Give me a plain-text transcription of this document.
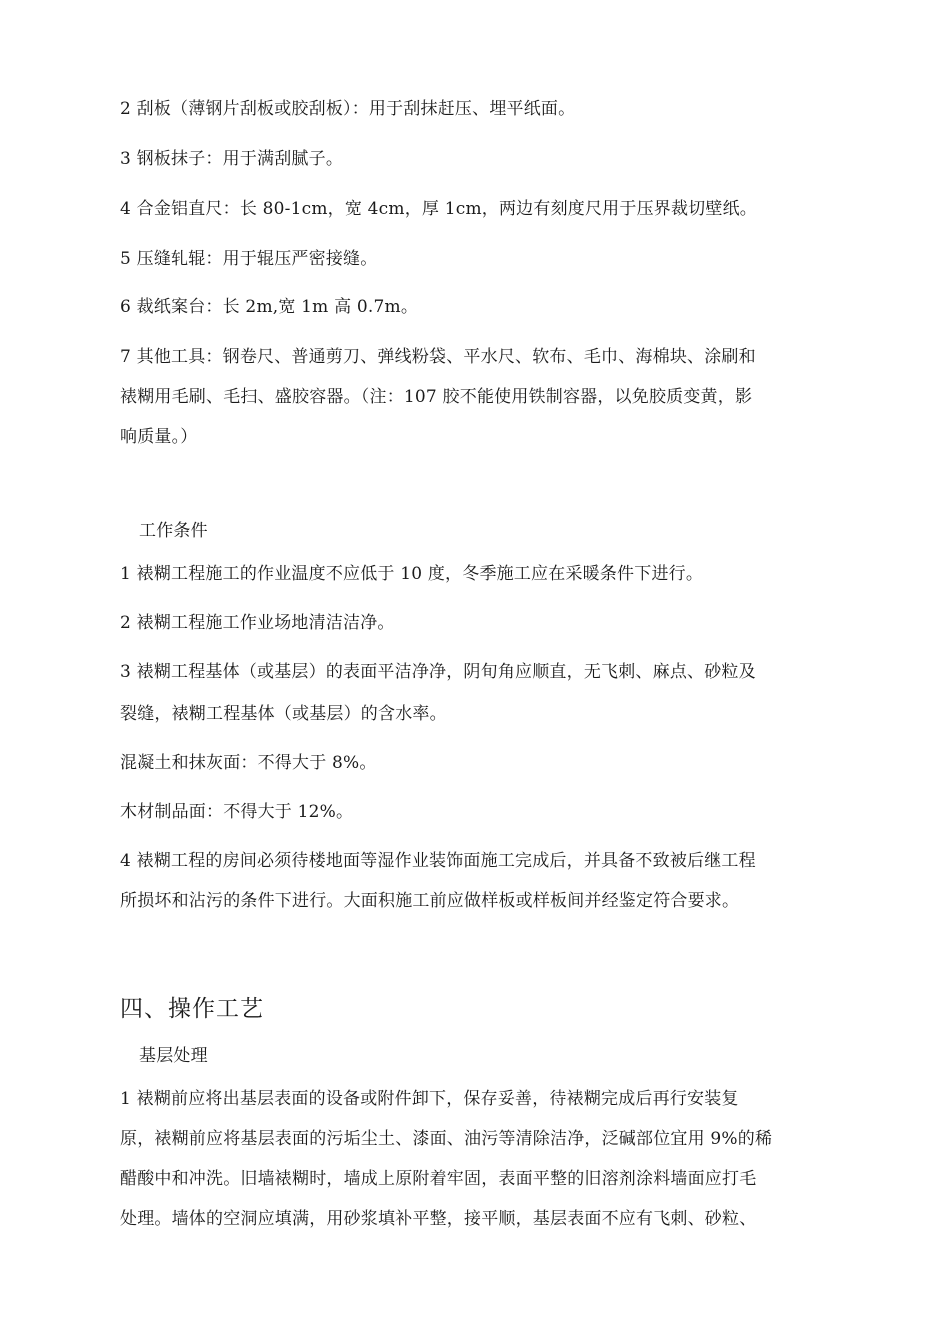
2 刮板（薄钢片刮板或胶刮板）：用于刮抹赶压、埋平纸面。
3 钢板抹子：用于满刮腻子。
4 合金铝直尺：长 80-1cm，宽 4cm，厚 1cm，两边有刻度尺用于压界裁切壁纸。
5 压缝轧辊：用于辊压严密接缝。
6 裁纸案台：长 2m,宽 1m 高 0.7m。
7 其他工具：钢卷尺、普通剪刀、弹线粉袋、平水尺、软布、毛巾、海棉块、涂刷和
裱糊用毛刷、毛扫、盛胶容器。（注：107 胶不能使用铁制容器，以免胶质变黄，影
响质量。）
工作条件
1 裱糊工程施工的作业温度不应低于 10 度，冬季施工应在采暖条件下进行。
2 裱糊工程施工作业场地清洁洁净。
3 裱糊工程基体（或基层）的表面平洁净净，阴旬角应顺直，无飞刺、麻点、砂粒及
裂缝，裱糊工程基体（或基层）的含水率。
混凝土和抹灰面：不得大于 8%。
木材制品面：不得大于 12%。
4 裱糊工程的房间必须待楼地面等湿作业装饰面施工完成后，并具备不致被后继工程
所损坏和沾污的条件下进行。大面积施工前应做样板或样板间并经鉴定符合要求。
四、操作工艺
基层处理
1 裱糊前应将出基层表面的设备或附件卸下，保存妥善，待裱糊完成后再行安装复
原，裱糊前应将基层表面的污垢尘土、漆面、油污等清除洁净，泛碱部位宜用 9%的稀
醋酸中和冲洗。旧墙裱糊时，墙成上原附着牢固，表面平整的旧溶剂涂料墙面应打毛
处理。墙体的空洞应填满，用砂浆填补平整，接平顺，基层表面不应有飞刺、砂粒、
